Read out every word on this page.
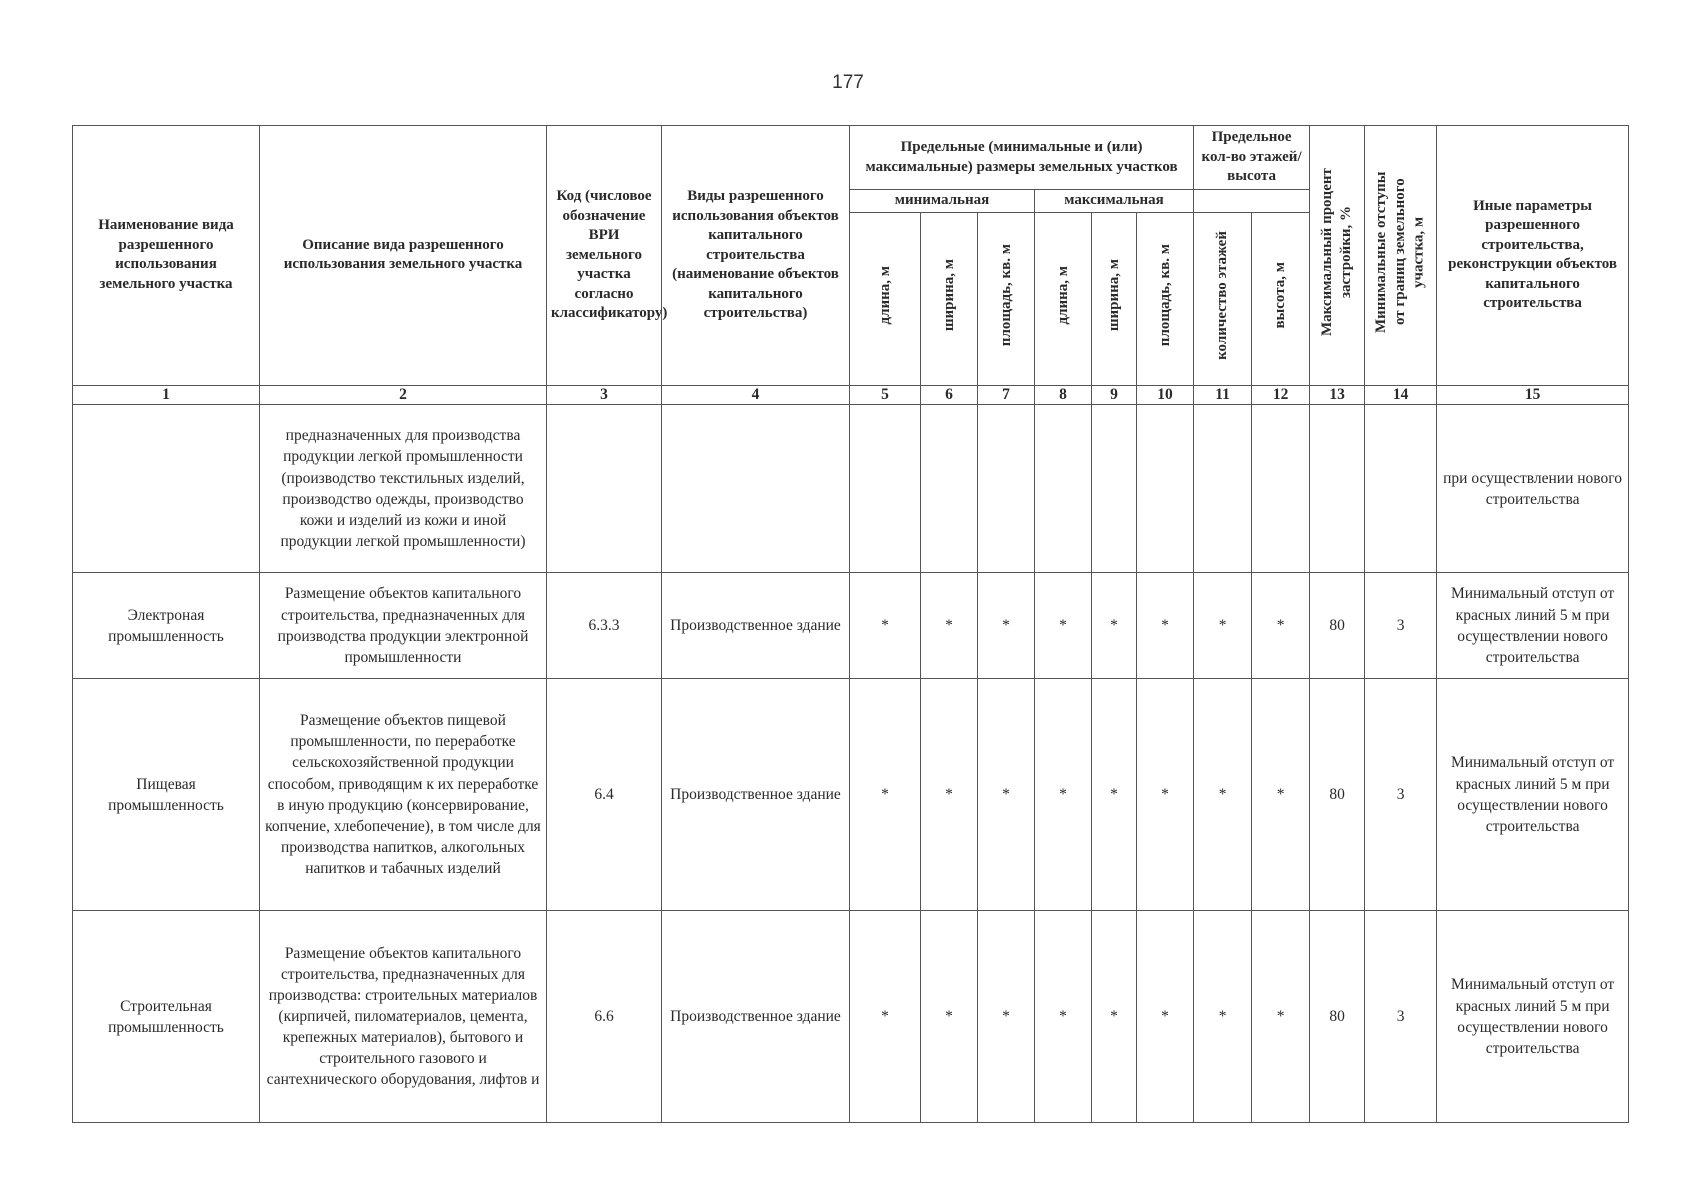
177
Наименование вида разрешенного использования земельного участка	Описание вида разрешенного использования земельного участка	Код (числовое обозначение ВРИ земельного участка согласно классификатору)	Виды разрешенного использования объектов капитального строительства (наименование объектов капитального строительства)	Предельные (минимальные и (или) максимальные) размеры земельных участков						Предельное кол-во этажей/высота		Максимальный процент застройки, %	Минимальные отступы от границ земельного участка, м	Иные параметры разрешенного строительства, реконструкции объектов капитального строительства
				минимальная			максимальная							
				длина, м	ширина, м	площадь, кв. м	длина, м	ширина, м	площадь, кв. м	количество этажей	высота, м			
1	2	3	4	5	6	7	8	9	10	11	12	13	14	15
	предназначенных для производства продукции легкой промышленности (производство текстильных изделий, производство одежды, производство кожи и изделий из кожи и иной продукции легкой промышленности)													при осуществлении нового строительства
Электроная промышленность	Размещение объектов капитального строительства, предназначенных для производства продукции электронной промышленности	6.3.3	Производственное здание	*	*	*	*	*	*	*	*	80	3	Минимальный отступ от красных линий 5 м при осуществлении нового строительства
Пищевая промышленность	Размещение объектов пищевой промышленности, по переработке сельскохозяйственной продукции способом, приводящим к их переработке в иную продукцию (консервирование, копчение, хлебопечение), в том числе для производства напитков, алкогольных напитков и табачных изделий	6.4	Производственное здание	*	*	*	*	*	*	*	*	80	3	Минимальный отступ от красных линий 5 м при осуществлении нового строительства
Строительная промышленность	Размещение объектов капитального строительства, предназначенных для производства: строительных материалов (кирпичей, пиломатериалов, цемента, крепежных материалов), бытового и строительного газового и сантехнического оборудования, лифтов и	6.6	Производственное здание	*	*	*	*	*	*	*	*	80	3	Минимальный отступ от красных линий 5 м при осуществлении нового строительства
